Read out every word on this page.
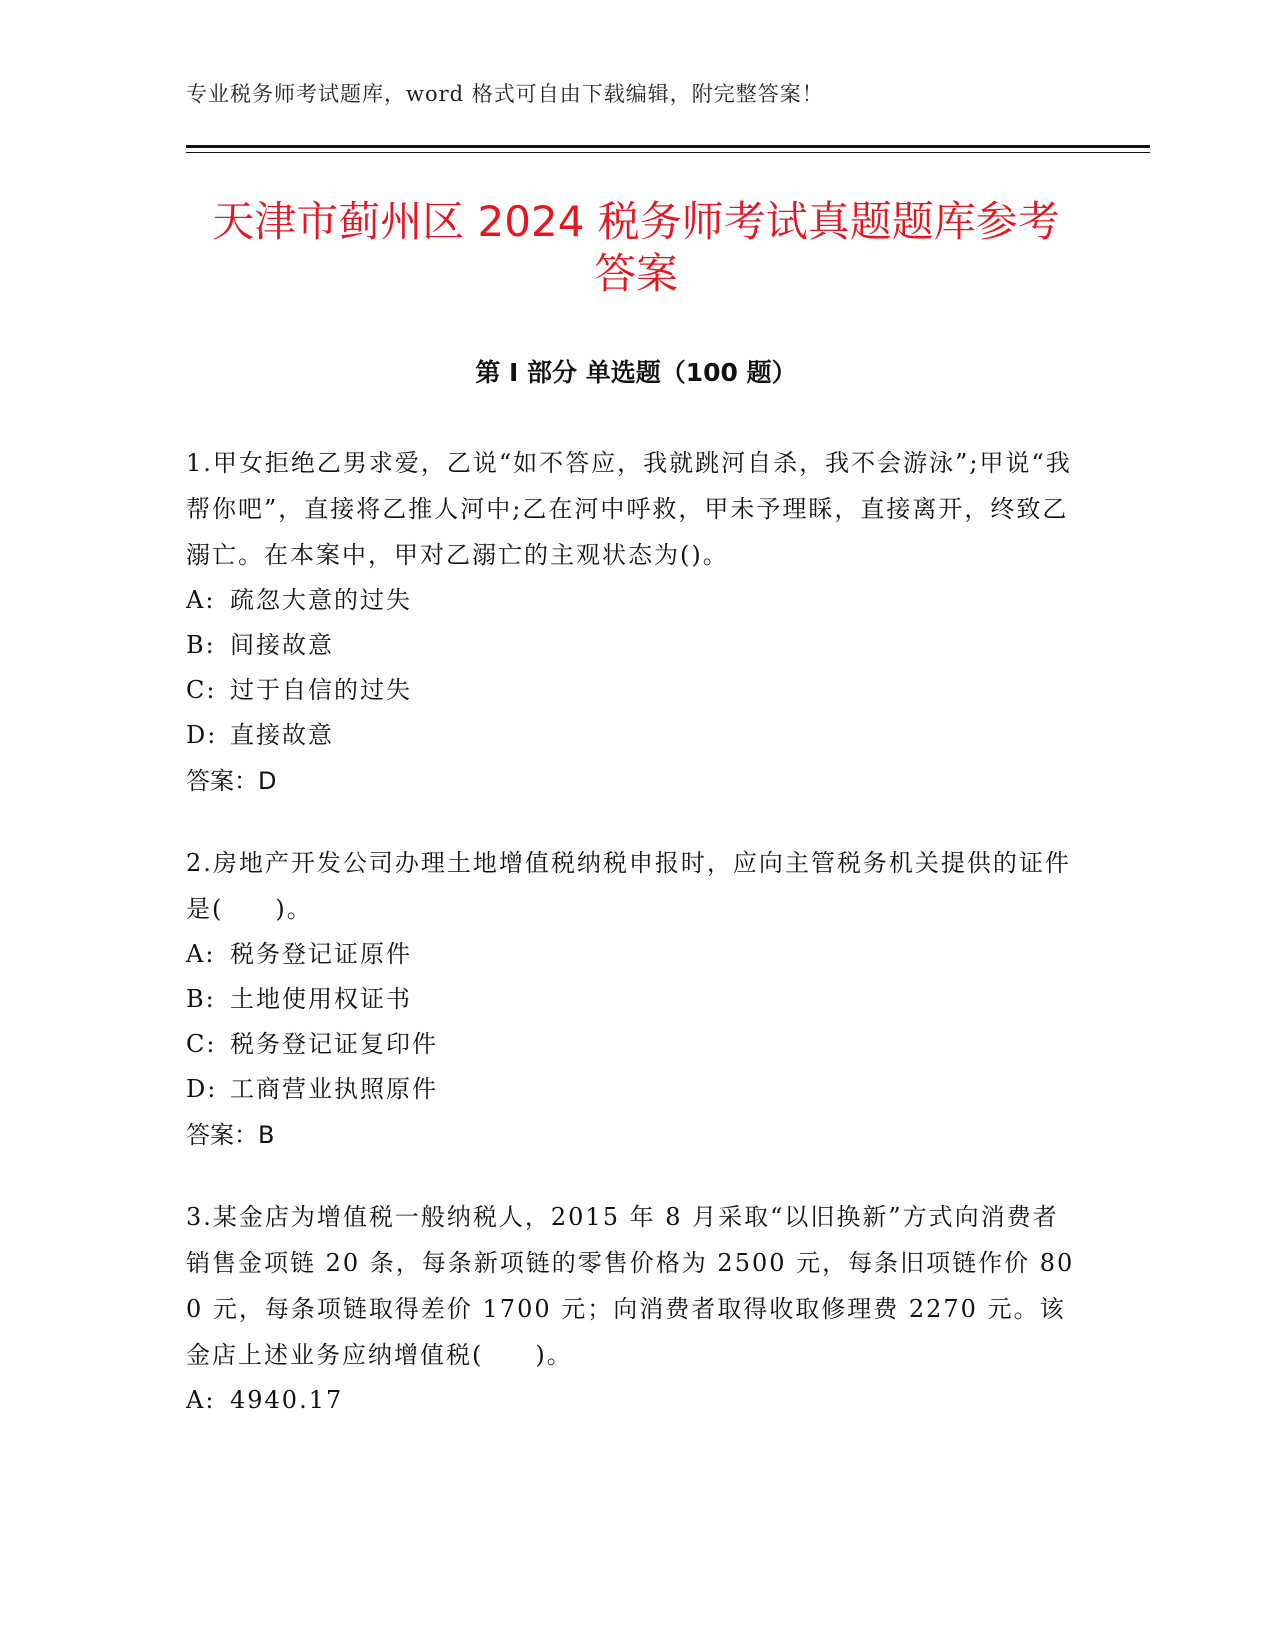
专业税务师考试题库，word 格式可自由下载编辑，附完整答案！
天津市蓟州区 2024 税务师考试真题题库参考
答案
第 I 部分 单选题（100 题）

1.甲女拒绝乙男求爱，乙说“如不答应，我就跳河自杀，我不会游泳”;甲说“我帮你吧”，直接将乙推人河中;乙在河中呼救，甲未予理睬，直接离开，终致乙溺亡。在本案中，甲对乙溺亡的主观状态为()。

A: 疏忽大意的过失

B: 间接故意

C: 过于自信的过失

D: 直接故意

答案：D

2.房地产开发公司办理土地增值税纳税申报时，应向主管税务机关提供的证件是(　　)。

A: 税务登记证原件

B: 土地使用权证书

C: 税务登记证复印件

D: 工商营业执照原件

答案：B

3.某金店为增值税一般纳税人，2015 年 8 月采取“以旧换新”方式向消费者销售金项链 20 条，每条新项链的零售价格为 2500 元，每条旧项链作价 800 元，每条项链取得差价 1700 元；向消费者取得收取修理费 2270 元。该金店上述业务应纳增值税(　　)。

A: 4940.17
